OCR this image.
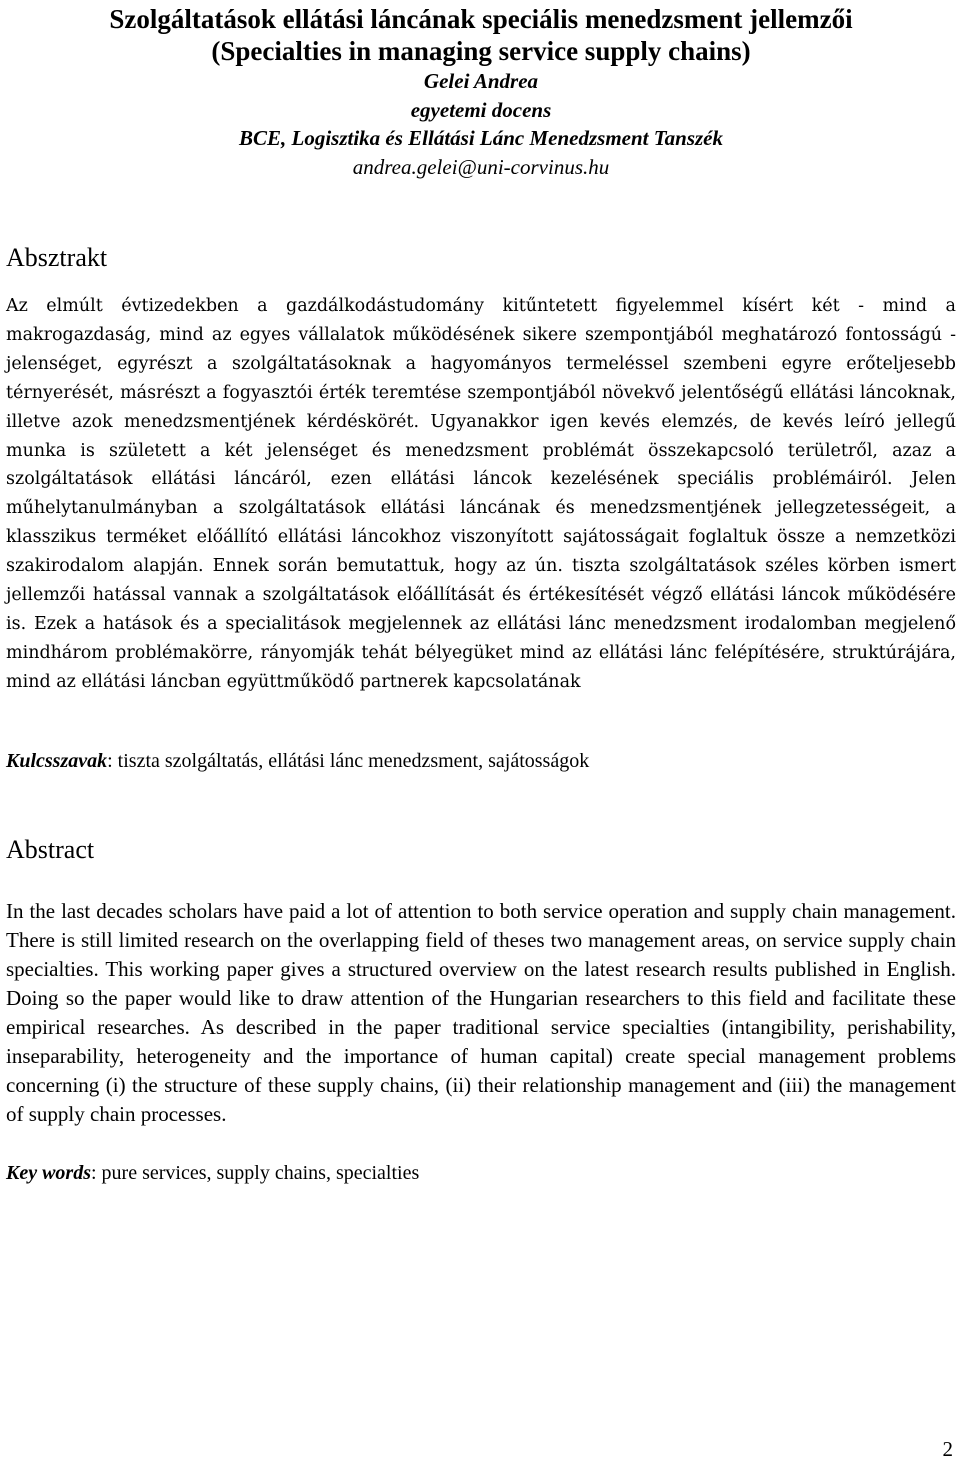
Szolgáltatások ellátási láncának speciális menedzsment jellemzői
(Specialties in managing service supply chains)
Gelei Andrea
egyetemi docens
BCE, Logisztika és Ellátási Lánc Menedzsment Tanszék
andrea.gelei@uni-corvinus.hu
Absztrakt
Az elmúlt évtizedekben a gazdálkodástudomány kitűntetett figyelemmel kísért két - mind a makrogazdaság, mind az egyes vállalatok működésének sikere szempontjából meghatározó fontosságú - jelenséget, egyrészt a szolgáltatásoknak a hagyományos termeléssel szembeni egyre erőteljesebb térnyerését, másrészt a fogyasztói érték teremtése szempontjából növekvő jelentőségű ellátási láncoknak, illetve azok menedzsmentjének kérdéskörét. Ugyanakkor igen kevés elemzés, de kevés leíró jellegű munka is született a két jelenséget és menedzsment problémát összekapcsoló területről, azaz a szolgáltatások ellátási láncáról, ezen ellátási láncok kezelésének speciális problémáiról. Jelen műhelytanulmányban a szolgáltatások ellátási láncának és menedzsmentjének jellegzetességeit, a klasszikus terméket előállító ellátási láncokhoz viszonyított sajátosságait foglaltuk össze a nemzetközi szakirodalom alapján. Ennek során bemutattuk, hogy az ún. tiszta szolgáltatások széles körben ismert jellemzői hatással vannak a szolgáltatások előállítását és értékesítését végző ellátási láncok működésére is. Ezek a hatások és a specialitások megjelennek az ellátási lánc menedzsment irodalomban megjelenő mindhárom problémakörre, rányomják tehát bélyegüket mind az ellátási lánc felépítésére, struktúrájára, mind az ellátási láncban együttműködő partnerek kapcsolatának
Kulcsszavak: tiszta szolgáltatás, ellátási lánc menedzsment, sajátosságok
Abstract
In the last decades scholars have paid a lot of attention to both service operation and supply chain management. There is still limited research on the overlapping field of theses two management areas, on service supply chain specialties. This working paper gives a structured overview on the latest research results published in English. Doing so the paper would like to draw attention of the Hungarian researchers to this field and facilitate these empirical researches. As described in the paper traditional service specialties (intangibility, perishability, inseparability, heterogeneity and the importance of human capital) create special management problems concerning (i) the structure of these supply chains, (ii) their relationship management and (iii) the management of supply chain processes.
Key words: pure services, supply chains, specialties
2
